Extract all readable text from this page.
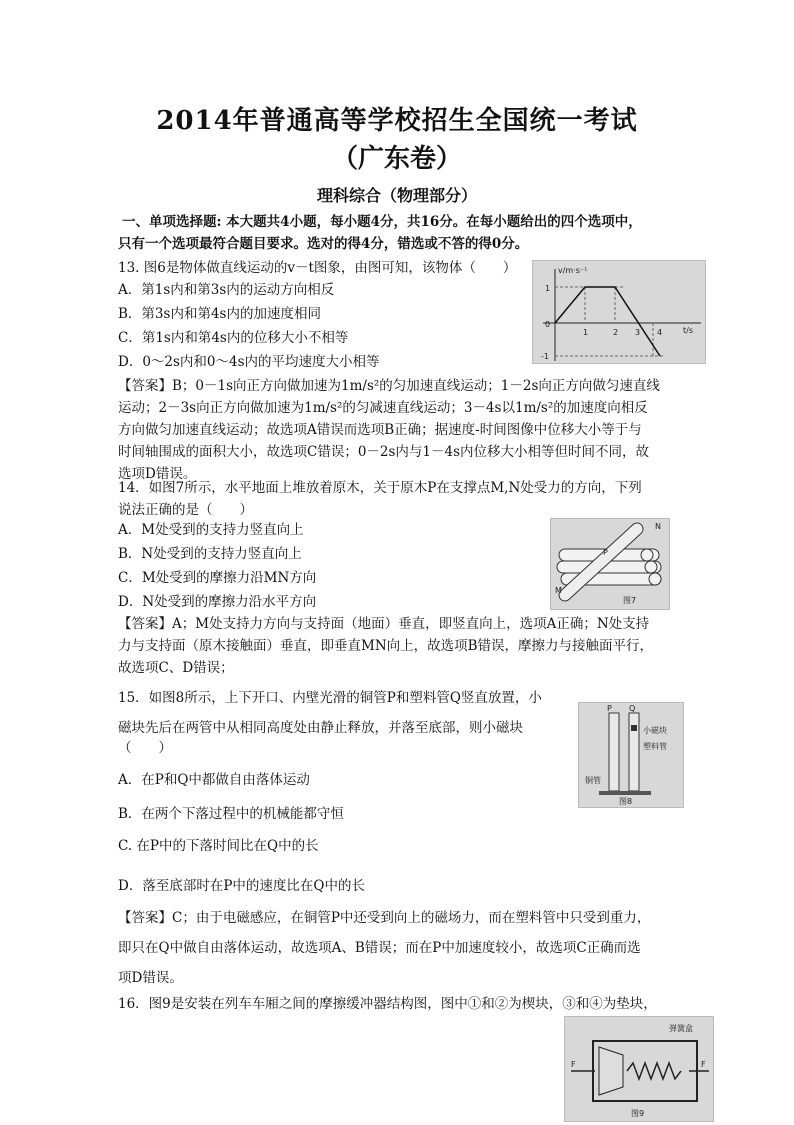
2014年普通高等学校招生全国统一考试
（广东卷）
理科综合（物理部分）
一、单项选择题: 本大题共4小题，每小题4分，共16分。在每小题给出的四个选项中，
只有一个选项最符合题目要求。选对的得4分，错选或不答的得0分。
13. 图6是物体做直线运动的v－t图象，由图可知，该物体（　　）
A．第1s内和第3s内的运动方向相反
B．第3s内和第4s内的加速度相同
C．第1s内和第4s内的位移大小不相等
D．0～2s内和0～4s内的平均速度大小相等
【答案】B；0－1s向正方向做加速为1m/s²的匀加速直线运动；1－2s向正方向做匀速直线
运动；2－3s向正方向做加速为1m/s²的匀减速直线运动；3－4s以1m/s²的加速度向相反
方向做匀加速直线运动；故选项A错误而选项B正确；据速度-时间图像中位移大小等于与
时间轴围成的面积大小，故选项C错误；0－2s内与1－4s内位移大小相等但时间不同，故
选项D错误。
v/m·s⁻¹
t/s
1
0
-1
1	2 3 4
14．如图7所示，水平地面上堆放着原木，关于原木P在支撑点M,N处受力的方向，下列
说法正确的是（　　）
A．M处受到的支持力竖直向上
B．N处受到的支持力竖直向上
C．M处受到的摩擦力沿MN方向
D．N处受到的摩擦力沿水平方向
【答案】A；M处支持力方向与支持面（地面）垂直，即竖直向上，选项A正确；N处支持
力与支持面（原木接触面）垂直，即垂直MN向上，故选项B错误，摩擦力与接触面平行，
故选项C、D错误；
N
P
M
图7
15．如图8所示，上下开口、内壁光滑的铜管P和塑料管Q竖直放置，小
磁块先后在两管中从相同高度处由静止释放，并落至底部，则小磁块
（　　）
A．在P和Q中都做自由落体运动
B．在两个下落过程中的机械能都守恒
C. 在P中的下落时间比在Q中的长
D．落至底部时在P中的速度比在Q中的长
【答案】C；由于电磁感应，在铜管P中还受到向上的磁场力，而在塑料管中只受到重力，
即只在Q中做自由落体运动，故选项A、B错误；而在P中加速度较小，故选项C正确而选
项D错误。
P Q
小磁块
塑料管
铜管
图8
16．图9是安装在列车车厢之间的摩擦缓冲器结构图，图中①和②为楔块，③和④为垫块，
弹簧盒
F	F
图9
